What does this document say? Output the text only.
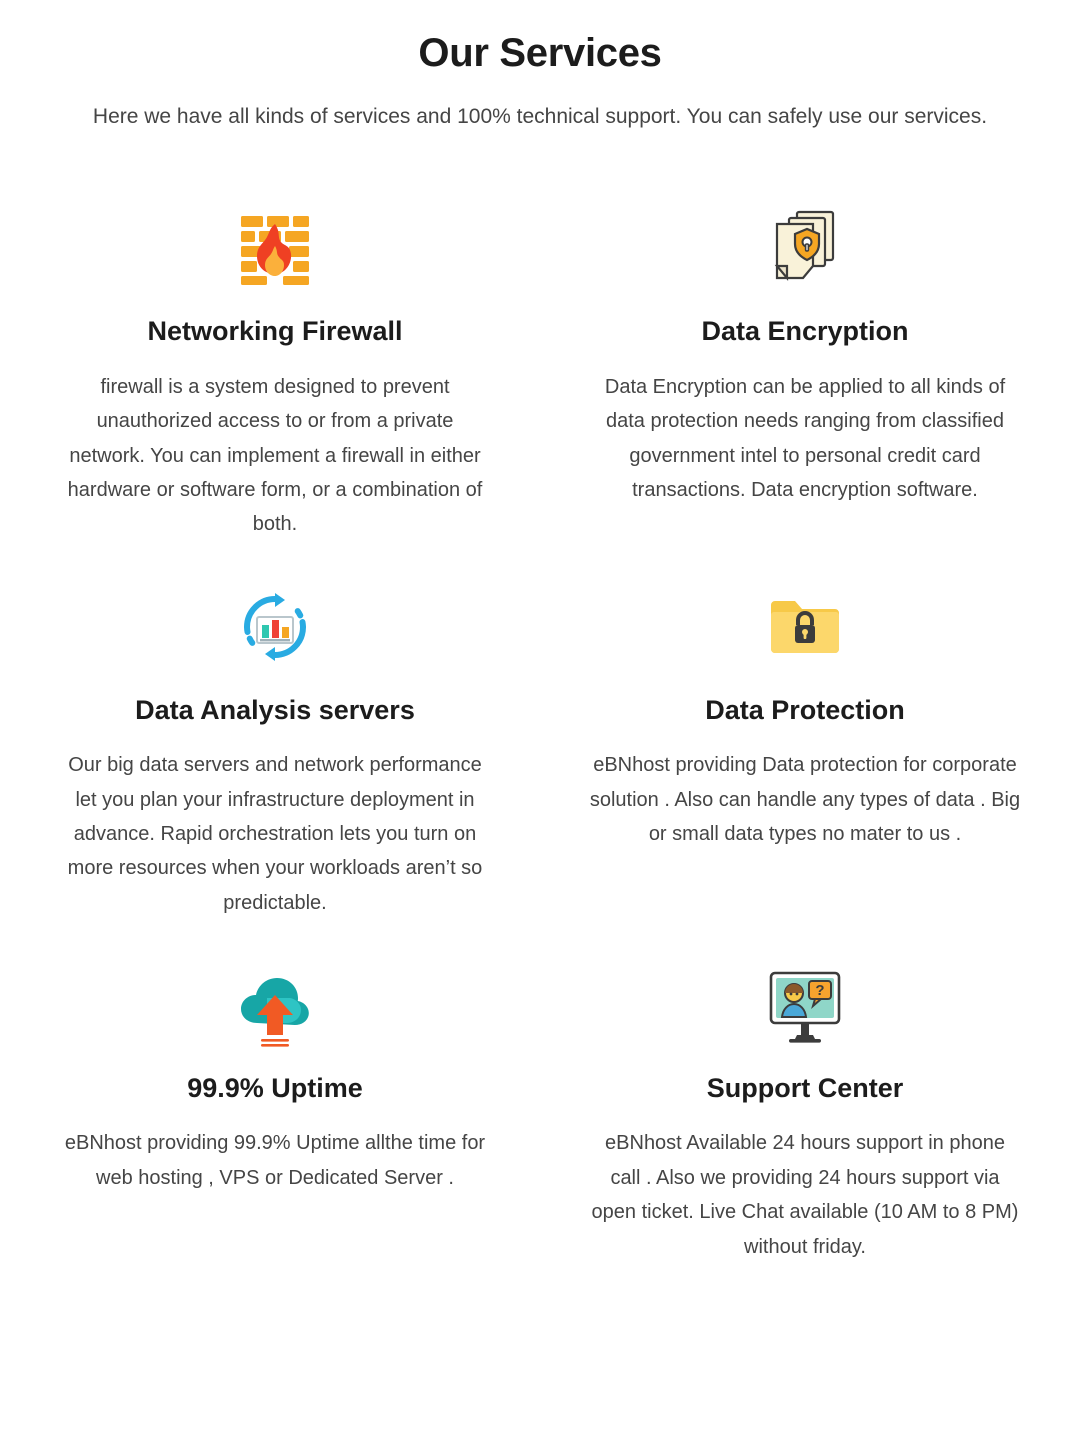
Our Services

Here we have all kinds of services and 100% technical support. You can safely use our services.

Networking Firewall

firewall is a system designed to prevent unauthorized access to or from a private network. You can implement a firewall in either hardware or software form, or a combination of both.

Data Encryption

Data Encryption can be applied to all kinds of data protection needs ranging from classified government intel to personal credit card transactions. Data encryption software.

Data Analysis servers

Our big data servers and network performance let you plan your infrastructure deployment in advance. Rapid orchestration lets you turn on more resources when your workloads aren’t so predictable.

Data Protection

eBNhost providing Data protection for corporate solution . Also can handle any types of data . Big or small data types no mater to us .

99.9% Uptime

eBNhost providing 99.9% Uptime allthe time for web hosting , VPS or Dedicated Server .

?
Support Center

eBNhost Available 24 hours support in phone call . Also we providing 24 hours support via open ticket. Live Chat available (10 AM to 8 PM) without friday.
